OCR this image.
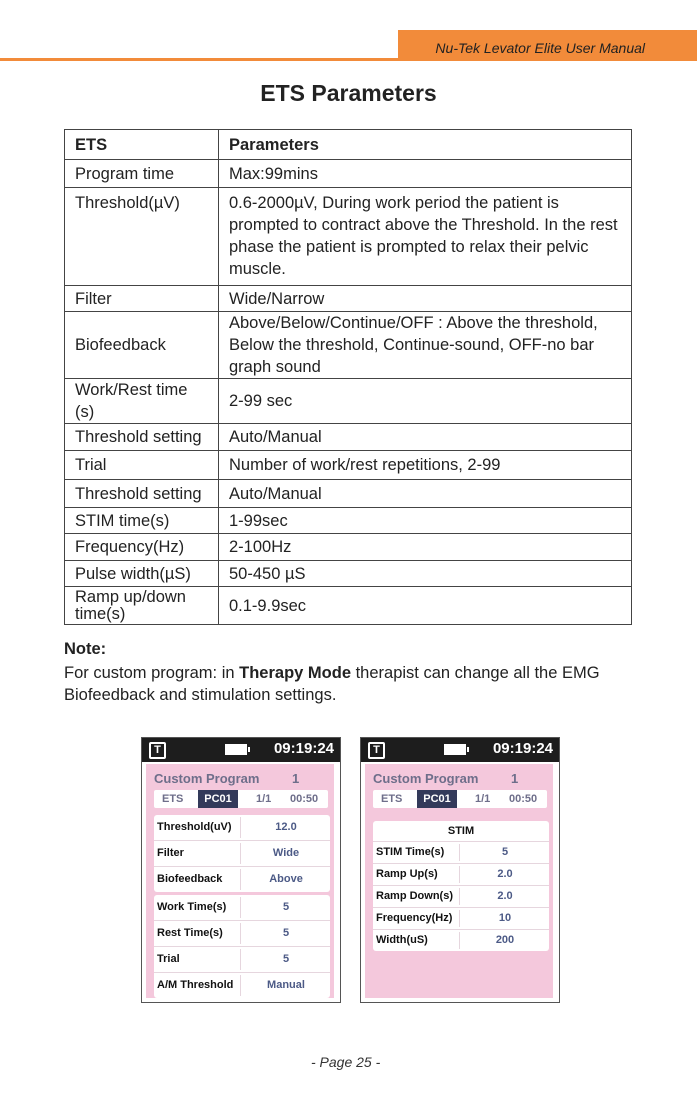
Nu-Tek Levator Elite User Manual
ETS Parameters
ETS	Parameters
Program time	Max:99mins
Threshold(µV)	0.6-2000µV, During work period the patient is prompted to contract above the Threshold. In the rest phase the patient is prompted to relax their pelvic muscle.
Filter	Wide/Narrow
Biofeedback	Above/Below/Continue/OFF : Above the threshold, Below the threshold, Continue-sound, OFF-no bar graph sound
Work/Rest time (s)	2-99 sec
Threshold setting	Auto/Manual
Trial	Number of work/rest repetitions, 2-99
Threshold setting	Auto/Manual
STIM time(s)	1-99sec
Frequency(Hz)	2-100Hz
Pulse width(µS)	50-450 µS
Ramp up/down time(s)	0.1-9.9sec
Note:
For custom program: in Therapy Mode therapist can change all the EMG Biofeedback and stimulation settings.
T	09:19:24
Custom Program	1
ETS	PC01	1/1 00:50
Threshold(uV)	12.0
Filter	Wide
Biofeedback	Above
Work Time(s)	5
Rest Time(s)	5
Trial	5
A/M Threshold	Manual
T	09:19:24
Custom Program	1
ETS	PC01	1/1 00:50
STIM
STIM Time(s)	5
Ramp Up(s)	2.0
Ramp Down(s)	2.0
Frequency(Hz)	10
Width(uS)	200
- Page 25 -
